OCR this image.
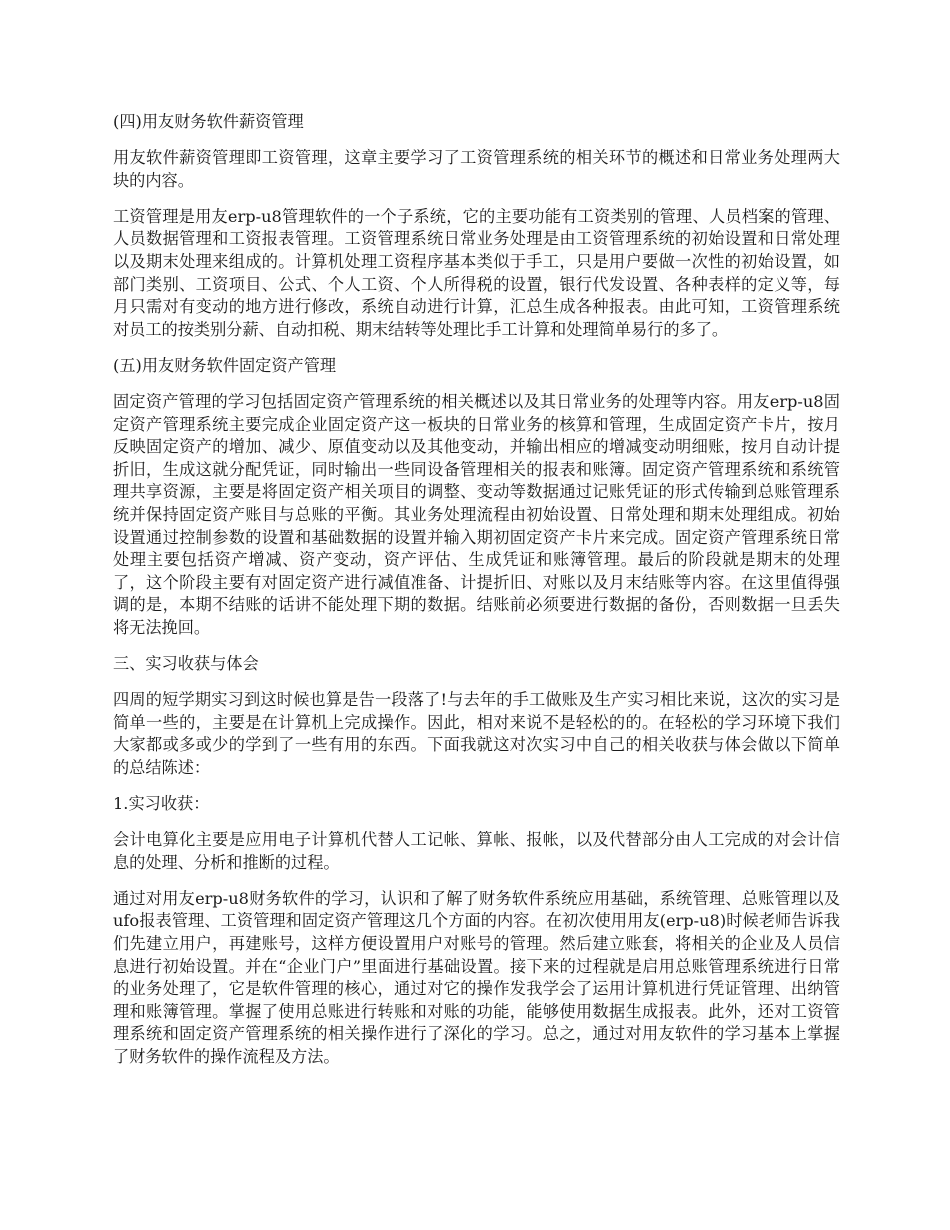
(四)用友财务软件薪资管理
用友软件薪资管理即工资管理，这章主要学习了工资管理系统的相关环节的概述和日常业务处理两大块的内容。
工资管理是用友erp-u8管理软件的一个子系统，它的主要功能有工资类别的管理、人员档案的管理、人员数据管理和工资报表管理。工资管理系统日常业务处理是由工资管理系统的初始设置和日常处理以及期末处理来组成的。计算机处理工资程序基本类似于手工，只是用户要做一次性的初始设置，如部门类别、工资项目、公式、个人工资、个人所得税的设置，银行代发设置、各种表样的定义等，每月只需对有变动的地方进行修改，系统自动进行计算，汇总生成各种报表。由此可知，工资管理系统对员工的按类别分薪、自动扣税、期末结转等处理比手工计算和处理简单易行的多了。
(五)用友财务软件固定资产管理
固定资产管理的学习包括固定资产管理系统的相关概述以及其日常业务的处理等内容。用友erp-u8固定资产管理系统主要完成企业固定资产这一板块的日常业务的核算和管理，生成固定资产卡片，按月反映固定资产的增加、减少、原值变动以及其他变动，并输出相应的增减变动明细账，按月自动计提折旧，生成这就分配凭证，同时输出一些同设备管理相关的报表和账簿。固定资产管理系统和系统管理共享资源，主要是将固定资产相关项目的调整、变动等数据通过记账凭证的形式传输到总账管理系统并保持固定资产账目与总账的平衡。其业务处理流程由初始设置、日常处理和期末处理组成。初始设置通过控制参数的设置和基础数据的设置并输入期初固定资产卡片来完成。固定资产管理系统日常处理主要包括资产增减、资产变动，资产评估、生成凭证和账簿管理。最后的阶段就是期末的处理了，这个阶段主要有对固定资产进行减值准备、计提折旧、对账以及月末结账等内容。在这里值得强调的是，本期不结账的话讲不能处理下期的数据。结账前必须要进行数据的备份，否则数据一旦丢失将无法挽回。
三、实习收获与体会
四周的短学期实习到这时候也算是告一段落了!与去年的手工做账及生产实习相比来说，这次的实习是简单一些的，主要是在计算机上完成操作。因此，相对来说不是轻松的的。在轻松的学习环境下我们大家都或多或少的学到了一些有用的东西。下面我就这对次实习中自己的相关收获与体会做以下简单的总结陈述：
1.实习收获：
会计电算化主要是应用电子计算机代替人工记帐、算帐、报帐，以及代替部分由人工完成的对会计信息的处理、分析和推断的过程。
通过对用友erp-u8财务软件的学习，认识和了解了财务软件系统应用基础，系统管理、总账管理以及ufo报表管理、工资管理和固定资产管理这几个方面的内容。在初次使用用友(erp-u8)时候老师告诉我们先建立用户，再建账号，这样方便设置用户对账号的管理。然后建立账套，将相关的企业及人员信息进行初始设置。并在“企业门户”里面进行基础设置。接下来的过程就是启用总账管理系统进行日常的业务处理了，它是软件管理的核心，通过对它的操作发我学会了运用计算机进行凭证管理、出纳管理和账簿管理。掌握了使用总账进行转账和对账的功能，能够使用数据生成报表。此外，还对工资管理系统和固定资产管理系统的相关操作进行了深化的学习。总之，通过对用友软件的学习基本上掌握了财务软件的操作流程及方法。
